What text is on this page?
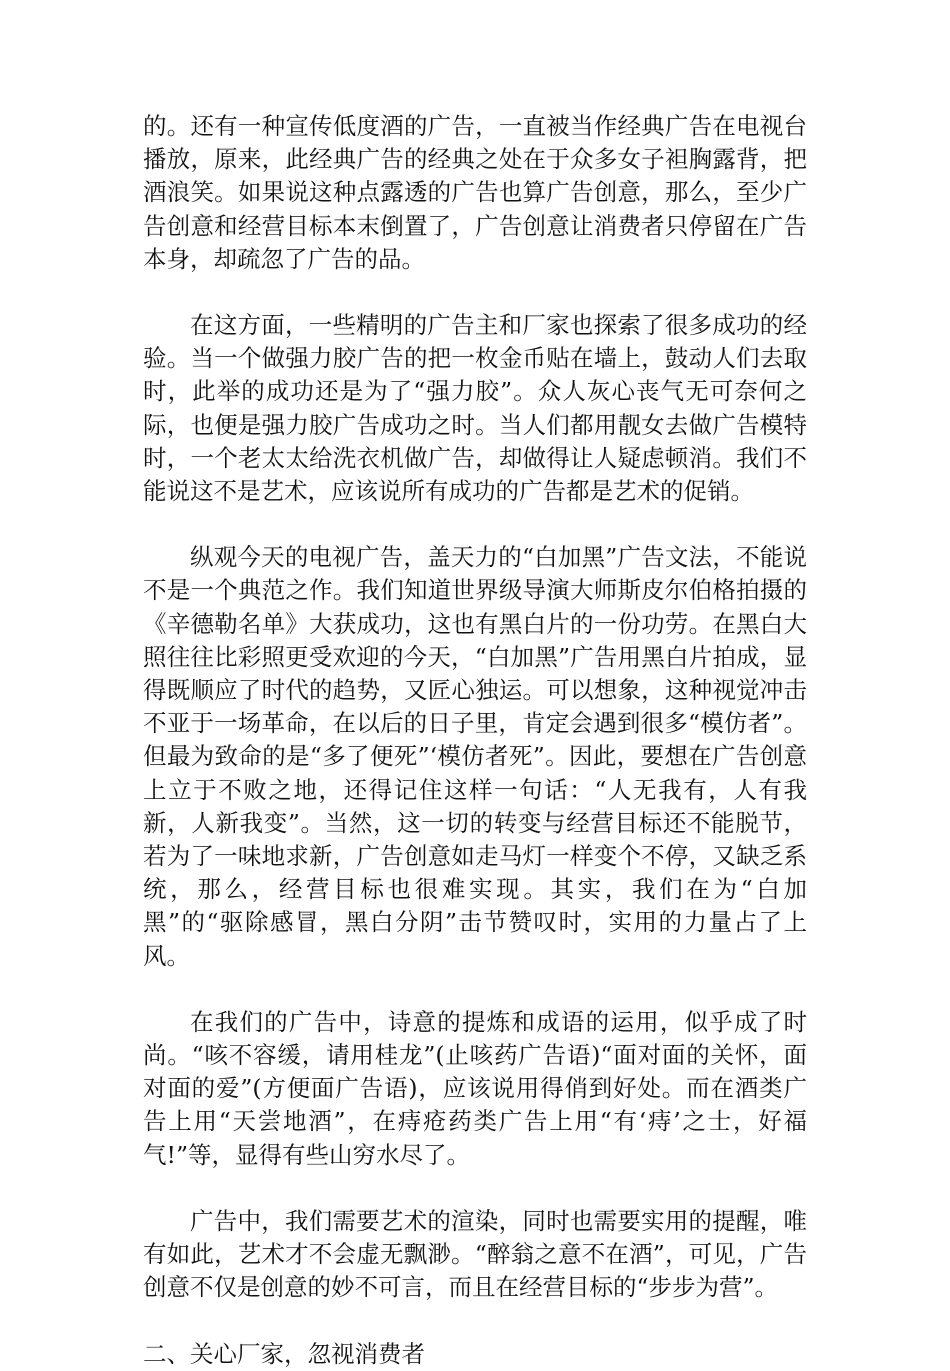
的。还有一种宣传低度酒的广告，一直被当作经典广告在电视台播放，原来，此经典广告的经典之处在于众多女子袒胸露背，把酒浪笑。如果说这种点露透的广告也算广告创意，那么，至少广告创意和经营目标本末倒置了，广告创意让消费者只停留在广告本身，却疏忽了广告的品。

在这方面，一些精明的广告主和厂家也探索了很多成功的经验。当一个做强力胶广告的把一枚金币贴在墙上，鼓动人们去取时，此举的成功还是为了“强力胶”。众人灰心丧气无可奈何之际，也便是强力胶广告成功之时。当人们都用靓女去做广告模特时，一个老太太给洗衣机做广告，却做得让人疑虑顿消。我们不能说这不是艺术，应该说所有成功的广告都是艺术的促销。

纵观今天的电视广告，盖天力的“白加黑”广告文法，不能说不是一个典范之作。我们知道世界级导演大师斯皮尔伯格拍摄的《辛德勒名单》大获成功，这也有黑白片的一份功劳。在黑白大照往往比彩照更受欢迎的今天，“白加黑”广告用黑白片拍成，显得既顺应了时代的趋势，又匠心独运。可以想象，这种视觉冲击不亚于一场革命，在以后的日子里，肯定会遇到很多“模仿者”。但最为致命的是“多了便死”‘模仿者死”。因此，要想在广告创意上立于不败之地，还得记住这样一句话：“人无我有，人有我新，人新我变”。当然，这一切的转变与经营目标还不能脱节，若为了一味地求新，广告创意如走马灯一样变个不停，又缺乏系统，那么，经营目标也很难实现。其实，我们在为“白加黑”的“驱除感冒，黑白分阴”击节赞叹时，实用的力量占了上风。

在我们的广告中，诗意的提炼和成语的运用，似乎成了时尚。“咳不容缓，请用桂龙”(止咳药广告语)“面对面的关怀，面对面的爱”(方便面广告语)，应该说用得俏到好处。而在酒类广告上用“天尝地酒”，在痔疮药类广告上用“有‘痔’之士，好福气!”等，显得有些山穷水尽了。

广告中，我们需要艺术的渲染，同时也需要实用的提醒，唯有如此，艺术才不会虚无飘渺。“醉翁之意不在酒”，可见，广告创意不仅是创意的妙不可言，而且在经营目标的“步步为营”。

二、关心厂家，忽视消费者
